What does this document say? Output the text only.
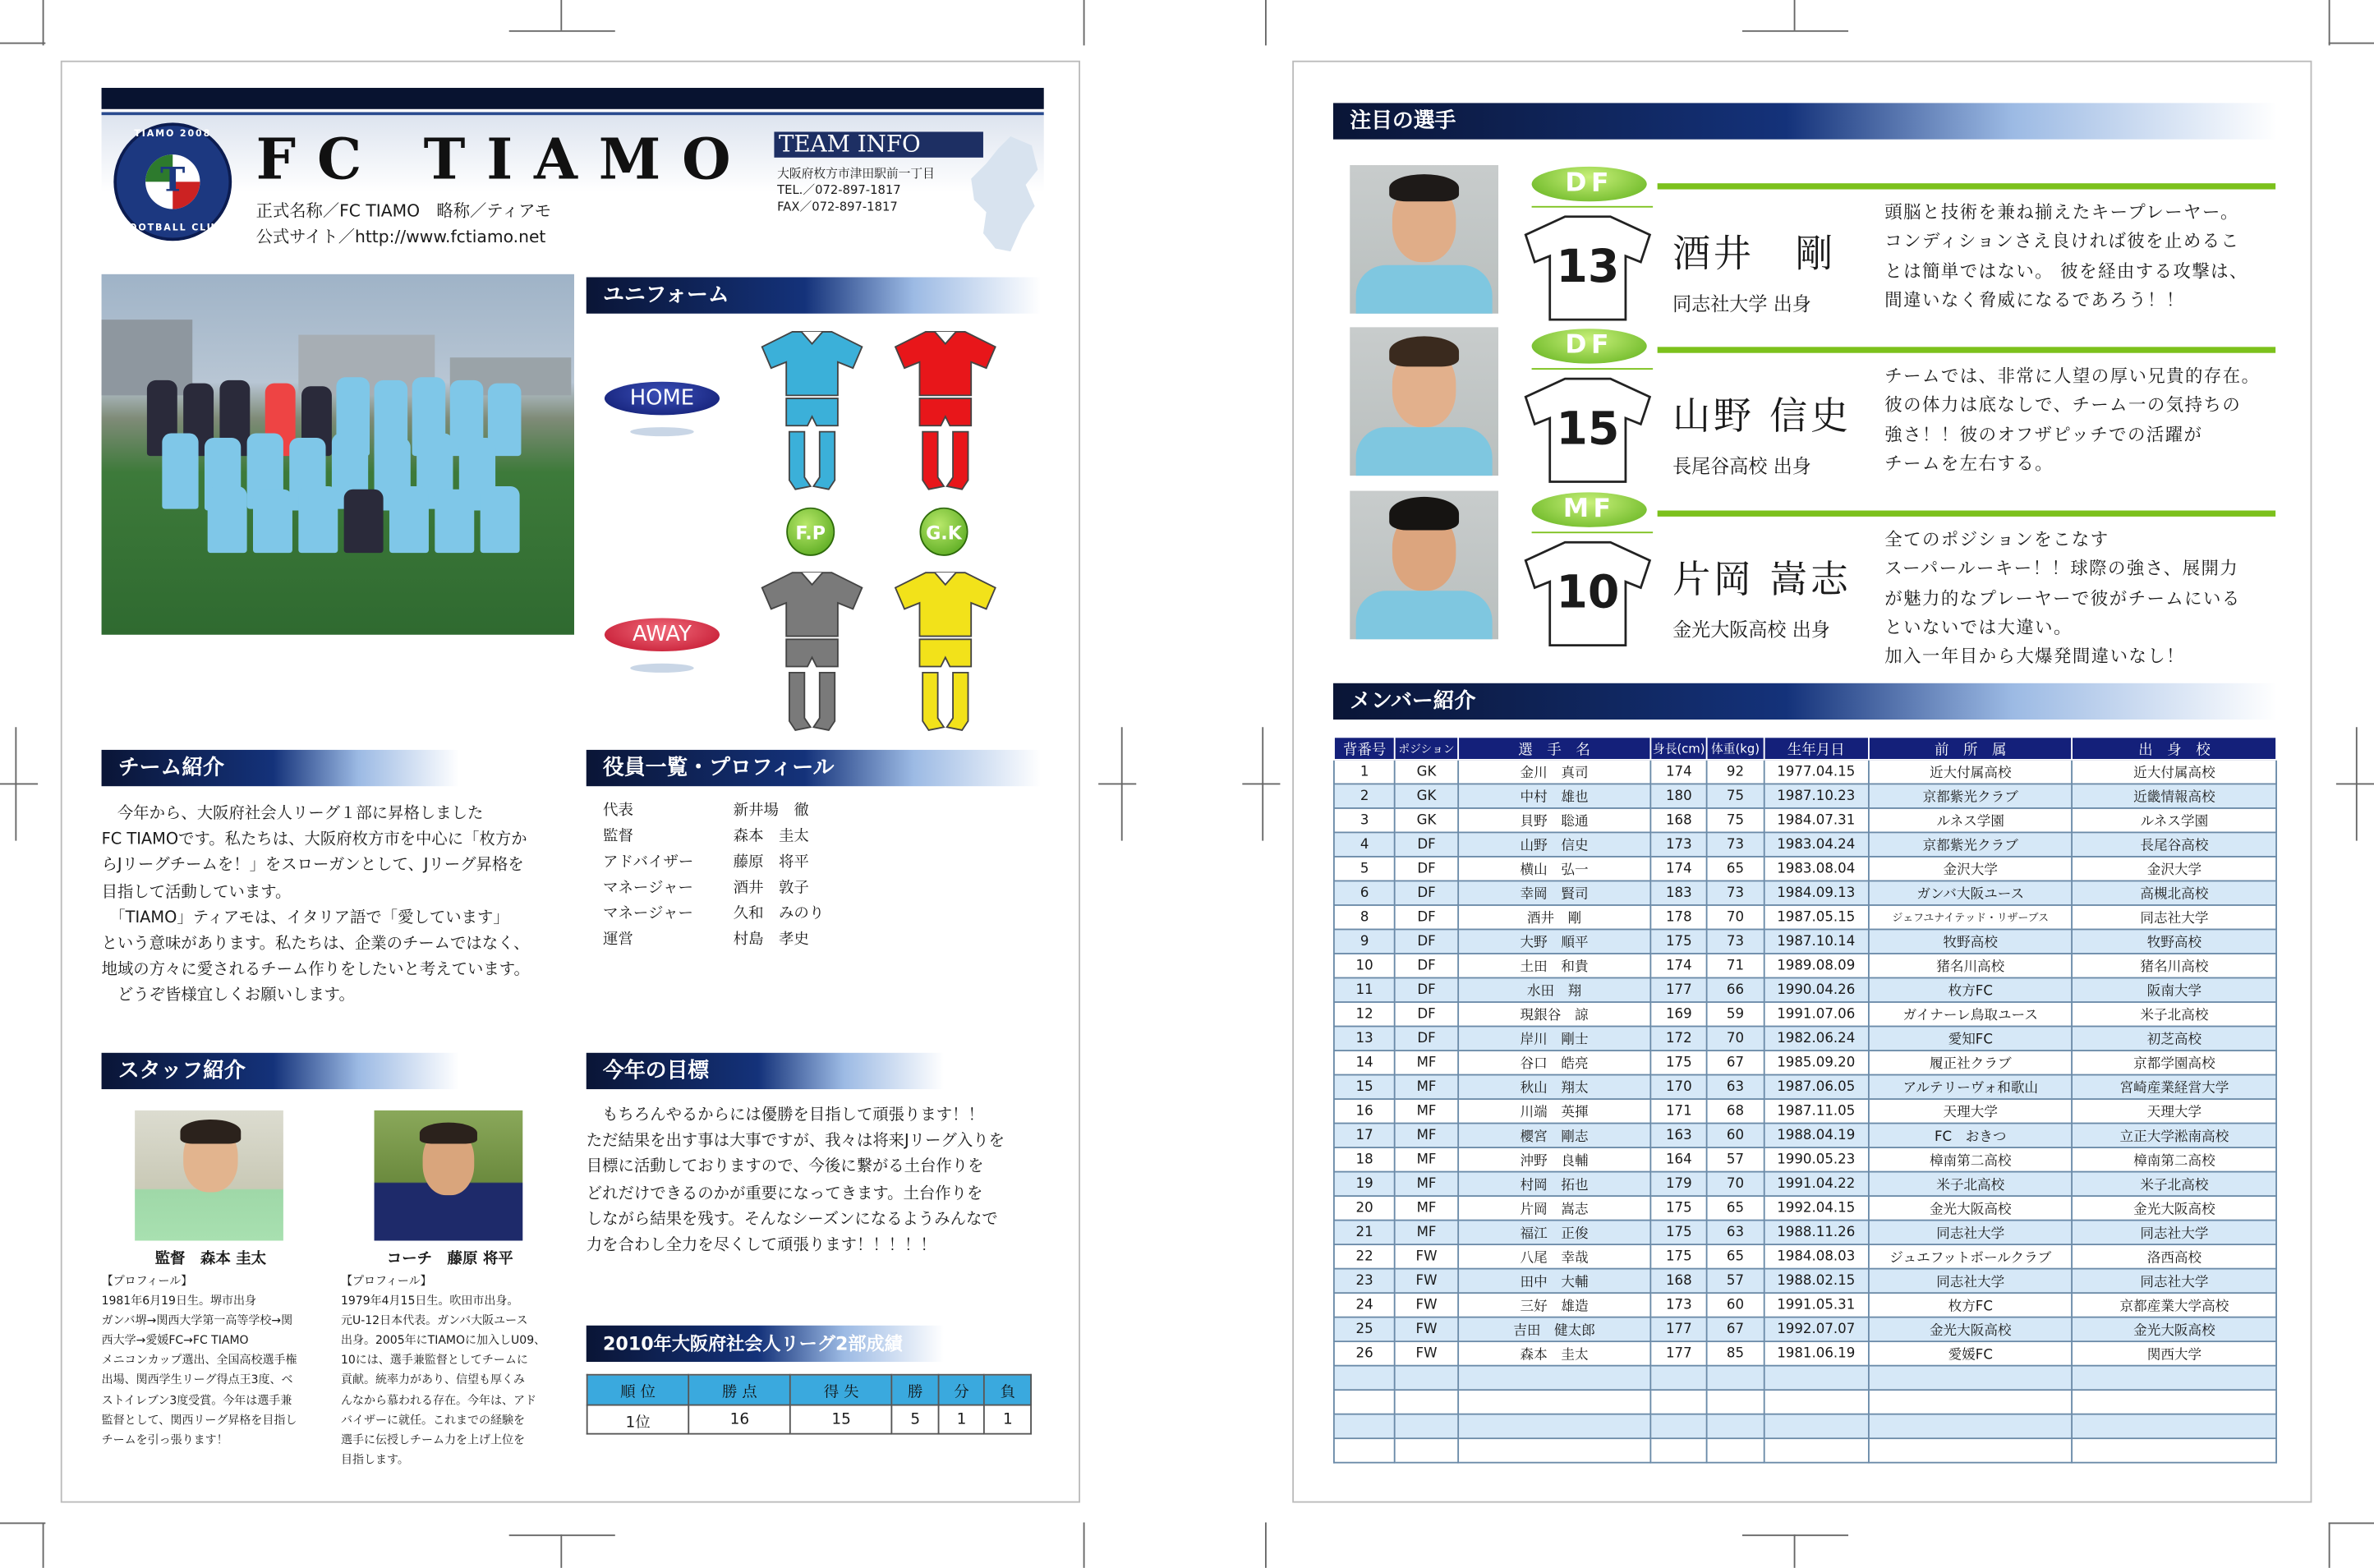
TIAMO 2008
T
FOOTBALL CLUB
FC TIAMO
正式名称／FC TIAMO　略称／ティアモ
公式サイト／http://www.fctiamo.net
TEAM INFO
大阪府枚方市津田駅前一丁目
TEL.／072-897-1817
FAX／072-897-1817
ユニフォーム
HOME
AWAY
F.P	G.K
チーム紹介
　今年から、大阪府社会人リーグ１部に昇格しました
FC TIAMOです。私たちは、大阪府枚方市を中心に「枚方か
らJリーグチームを！」をスローガンとして、Jリーグ昇格を
目指して活動しています。
　「TIAMO」ティアモは、イタリア語で「愛しています」
という意味があります。私たちは、企業のチームではなく、
地域の方々に愛されるチーム作りをしたいと考えています。
　どうぞ皆様宜しくお願いします。
役員一覧・プロフィール
代表	新井場　徹
監督	森本　圭太
アドバイザー	藤原　将平
マネージャー	酒井　敦子
マネージャー	久和　みのり
運営	村島　孝史
スタッフ紹介
監督　森本 圭太	コーチ　藤原 将平
【プロフィール】
1981年6月19日生。堺市出身
ガンバ堺→関西大学第一高等学校→関
西大学→愛媛FC→FC TIAMO
メニコンカップ選出、全国高校選手権
出場、関西学生リーグ得点王3度、ベ
ストイレブン3度受賞。今年は選手兼
監督として、関西リーグ昇格を目指し
チームを引っ張ります！
【プロフィール】
1979年4月15日生。吹田市出身。
元U-12日本代表。ガンバ大阪ユース
出身。2005年にTIAMOに加入しU09、
10には、選手兼監督としてチームに
貢献。統率力があり、信望も厚くみ
んなから慕われる存在。今年は、アド
バイザーに就任。これまでの経験を
選手に伝授しチーム力を上げ上位を
目指します。
今年の目標
　もちろんやるからには優勝を目指して頑張ります！！
ただ結果を出す事は大事ですが、我々は将来Jリーグ入りを
目標に活動しておりますので、今後に繋がる土台作りを
どれだけできるのかが重要になってきます。土台作りを
しながら結果を残す。そんなシーズンになるようみんなで
力を合わし全力を尽くして頑張ります！！！！！
2010年大阪府社会人リーグ2部成績
順 位	勝 点	得 失	勝	分	負
1位	16	15	5	1	1
注目の選手
DF
13	酒井　剛
同志社大学 出身
頭脳と技術を兼ね揃えたキープレーヤー。
コンディションさえ良ければ彼を止めるこ
とは簡単ではない。 彼を経由する攻撃は、
間違いなく脅威になるであろう！！
DF
15	山野 信史
長尾谷高校 出身
チームでは、非常に人望の厚い兄貴的存在。
彼の体力は底なしで、チーム一の気持ちの
強さ！！彼のオフザピッチでの活躍が
チームを左右する。
MF
10	片岡 嵩志
金光大阪高校 出身
全てのポジションをこなす
スーパールーキー！！球際の強さ、展開力
が魅力的なプレーヤーで彼がチームにいる
といないでは大違い。
加入一年目から大爆発間違いなし！
メンバー紹介
背番号	ポジション	選　手　名	身長(cm)	体重(kg)	生年月日	前　所　属	出　身　校
1	GK	金川　真司	174	92	1977.04.15	近大付属高校	近大付属高校
2	GK	中村　雄也	180	75	1987.10.23	京都紫光クラブ	近畿情報高校
3	GK	貝野　聡通	168	75	1984.07.31	ルネス学園	ルネス学園
4	DF	山野　信史	173	73	1983.04.24	京都紫光クラブ	長尾谷高校
5	DF	横山　弘一	174	65	1983.08.04	金沢大学	金沢大学
6	DF	幸岡　賢司	183	73	1984.09.13	ガンバ大阪ユース	高槻北高校
8	DF	酒井　剛	178	70	1987.05.15	ジェフユナイテッド・リザーブス	同志社大学
9	DF	大野　順平	175	73	1987.10.14	牧野高校	牧野高校
10	DF	土田　和貴	174	71	1989.08.09	猪名川高校	猪名川高校
11	DF	水田　翔	177	66	1990.04.26	枚方FC	阪南大学
12	DF	現銀谷　諒	169	59	1991.07.06	ガイナーレ鳥取ユース	米子北高校
13	DF	岸川　剛士	172	70	1982.06.24	愛知FC	初芝高校
14	MF	谷口　皓亮	175	67	1985.09.20	履正社クラブ	京都学園高校
15	MF	秋山　翔太	170	63	1987.06.05	アルテリーヴォ和歌山	宮崎産業経営大学
16	MF	川端　英揮	171	68	1987.11.05	天理大学	天理大学
17	MF	櫻宮　剛志	163	60	1988.04.19	FC　おきつ	立正大学淞南高校
18	MF	沖野　良輔	164	57	1990.05.23	樟南第二高校	樟南第二高校
19	MF	村岡　拓也	179	70	1991.04.22	米子北高校	米子北高校
20	MF	片岡　嵩志	175	65	1992.04.15	金光大阪高校	金光大阪高校
21	MF	福江　正俊	175	63	1988.11.26	同志社大学	同志社大学
22	FW	八尾　幸哉	175	65	1984.08.03	ジュエフットボールクラブ	洛西高校
23	FW	田中　大輔	168	57	1988.02.15	同志社大学	同志社大学
24	FW	三好　雄造	173	60	1991.05.31	枚方FC	京都産業大学高校
25	FW	吉田　健太郎	177	67	1992.07.07	金光大阪高校	金光大阪高校
26	FW	森本　圭太	177	85	1981.06.19	愛媛FC	関西大学
